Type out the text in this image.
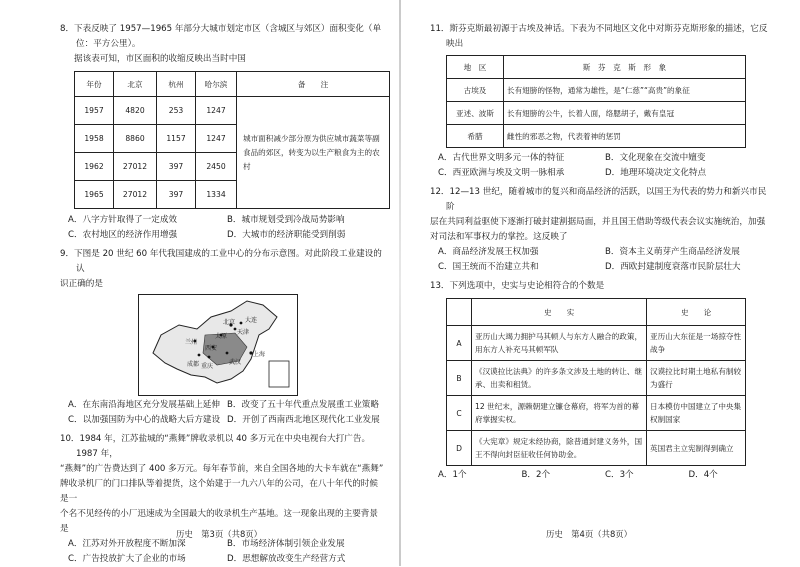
8．下表反映了 1957—1965 年部分大城市划定市区（含城区与郊区）面积变化（单位：平方公里）。
据该表可知，市区面积的收缩反映出当时中国
年份	北京	杭州	哈尔滨	备　　注
1957	4820	253	1247	城市面积减少部分原为供应城市蔬菜等副食品的郊区，转变为以生产粮食为主的农村
1958	8860	1157	1247	
1962	27012	397	2450	
1965	27012	397	1334	
A．八字方针取得了一定成效	B．城市规划受到冷战局势影响
C．农村地区的经济作用增强	D．大城市的经济职能受到削弱
9．下图是 20 世纪 60 年代我国建成的工业中心的分布示意图。对此阶段工业建设的认
识正确的是
北京
上海
大连
天津
太原
西安
重庆
武汉
兰州
成都
A．在东南沿海地区充分发展基础上延伸 B．改变了五十年代重点发展重工业策略
C．以加强国防为中心的战略大后方建设 D．开创了西南西北地区现代化工业发展
10．1984 年，江苏盐城的“燕舞”牌收录机以 40 多万元在中央电视台大打广告。1987 年，
“燕舞”的广告费达到了 400 多万元。每年春节前，来自全国各地的大卡车就在“燕舞”
牌收录机厂的门口排队等着提货，这个始建于一九六八年的公司，在八十年代的时候是一
个名不见经传的小厂迅速成为全国最大的收录机生产基地。这一现象出现的主要背景是
A．江苏对外开放程度不断加深	B．市场经济体制引领企业发展
C．广告投放扩大了企业的市场	D．思想解放改变生产经营方式
历史　第3页（共8页）
11．斯芬克斯最初源于古埃及神话。下表为不同地区文化中对斯芬克斯形象的描述，它反映出
地　区	斯　芬　克　斯　形　象
古埃及	长有翅膀的怪物，通常为雄性，是“仁慈”“高贵”的象征
亚述、波斯	长有翅膀的公牛，长着人面，络腮胡子，戴有皇冠
希腊	雌性的邪恶之物，代表着神的惩罚
A．古代世界文明多元一体的特征	B．文化现象在交流中嬗变
C．西亚欧洲与埃及文明一脉相承	D．地理环境决定文化特点
12．12—13 世纪，随着城市的复兴和商品经济的活跃，以国王为代表的势力和新兴市民阶
层在共同利益驱使下逐渐打破封建割据局面，并且国王借助等级代表会议实施统治，加强
对司法和军事权力的掌控。这反映了
A．商品经济发展王权加强	B．资本主义萌芽产生商品经济发展
C．国王统而不治建立共和	D．西欧封建制度衰落市民阶层壮大
13．下列选项中，史实与史论相符合的个数是
	史　　实	史　　论
A	亚历山大竭力拥护马其顿人与东方人融合的政策，用东方人补充马其顿军队	亚历山大东征是一场掠夺性战争
B	《汉谟拉比法典》的许多条文涉及土地的转让、继承、出卖和租赁。	汉谟拉比时期土地私有制较为盛行
C	12 世纪末，源赖朝建立镰仓幕府，将军为首的幕府掌握实权。	日本模仿中国建立了中央集权制国家
D	《大宪章》规定未经协商，除普通封建义务外，国王不得向封臣征收任何协助金。	英国君主立宪制得到确立
A．1个	B．2个	C．3个	D．4个
历史　第4页（共8页）
